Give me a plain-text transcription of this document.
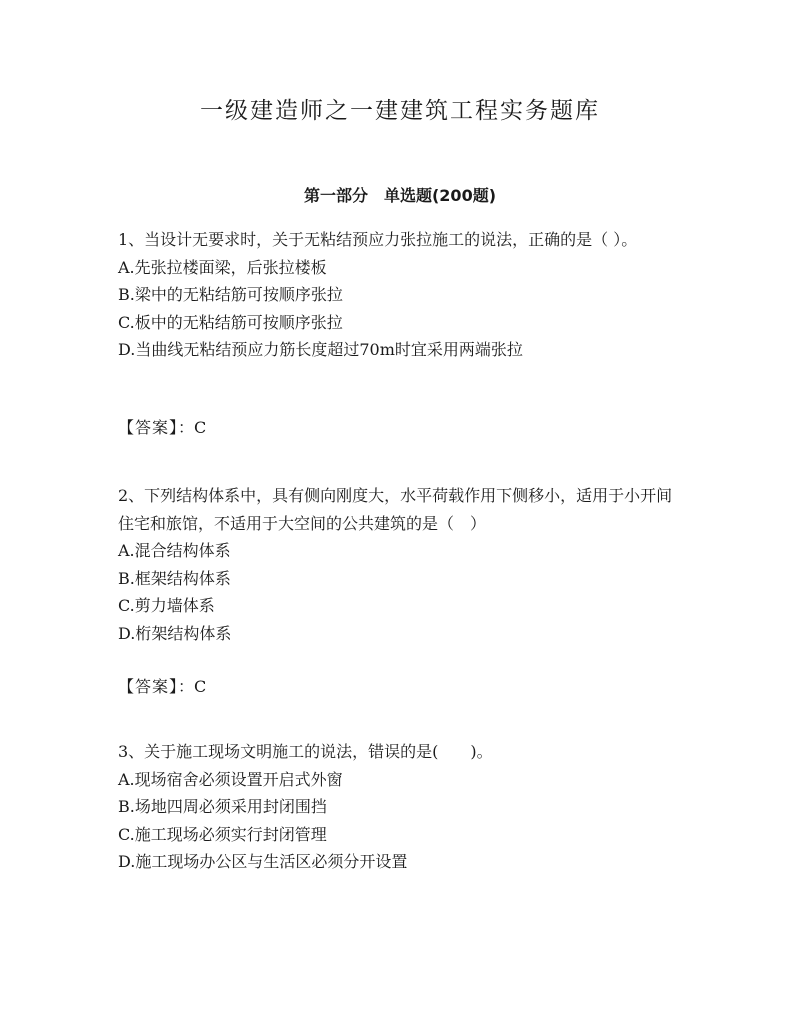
一级建造师之一建建筑工程实务题库
第一部分　单选题(200题)

1、当设计无要求时，关于无粘结预应力张拉施工的说法，正确的是（ ）。

A.先张拉楼面梁，后张拉楼板

B.梁中的无粘结筋可按顺序张拉

C.板中的无粘结筋可按顺序张拉

D.当曲线无粘结预应力筋长度超过70m时宜采用两端张拉

【答案】：C

2、下列结构体系中，具有侧向刚度大，水平荷载作用下侧移小，适用于小开间住宅和旅馆，不适用于大空间的公共建筑的是（　）

A.混合结构体系

B.框架结构体系

C.剪力墙体系

D.桁架结构体系

【答案】：C

3、关于施工现场文明施工的说法，错误的是(　　)。

A.现场宿舍必须设置开启式外窗

B.场地四周必须采用封闭围挡

C.施工现场必须实行封闭管理

D.施工现场办公区与生活区必须分开设置
